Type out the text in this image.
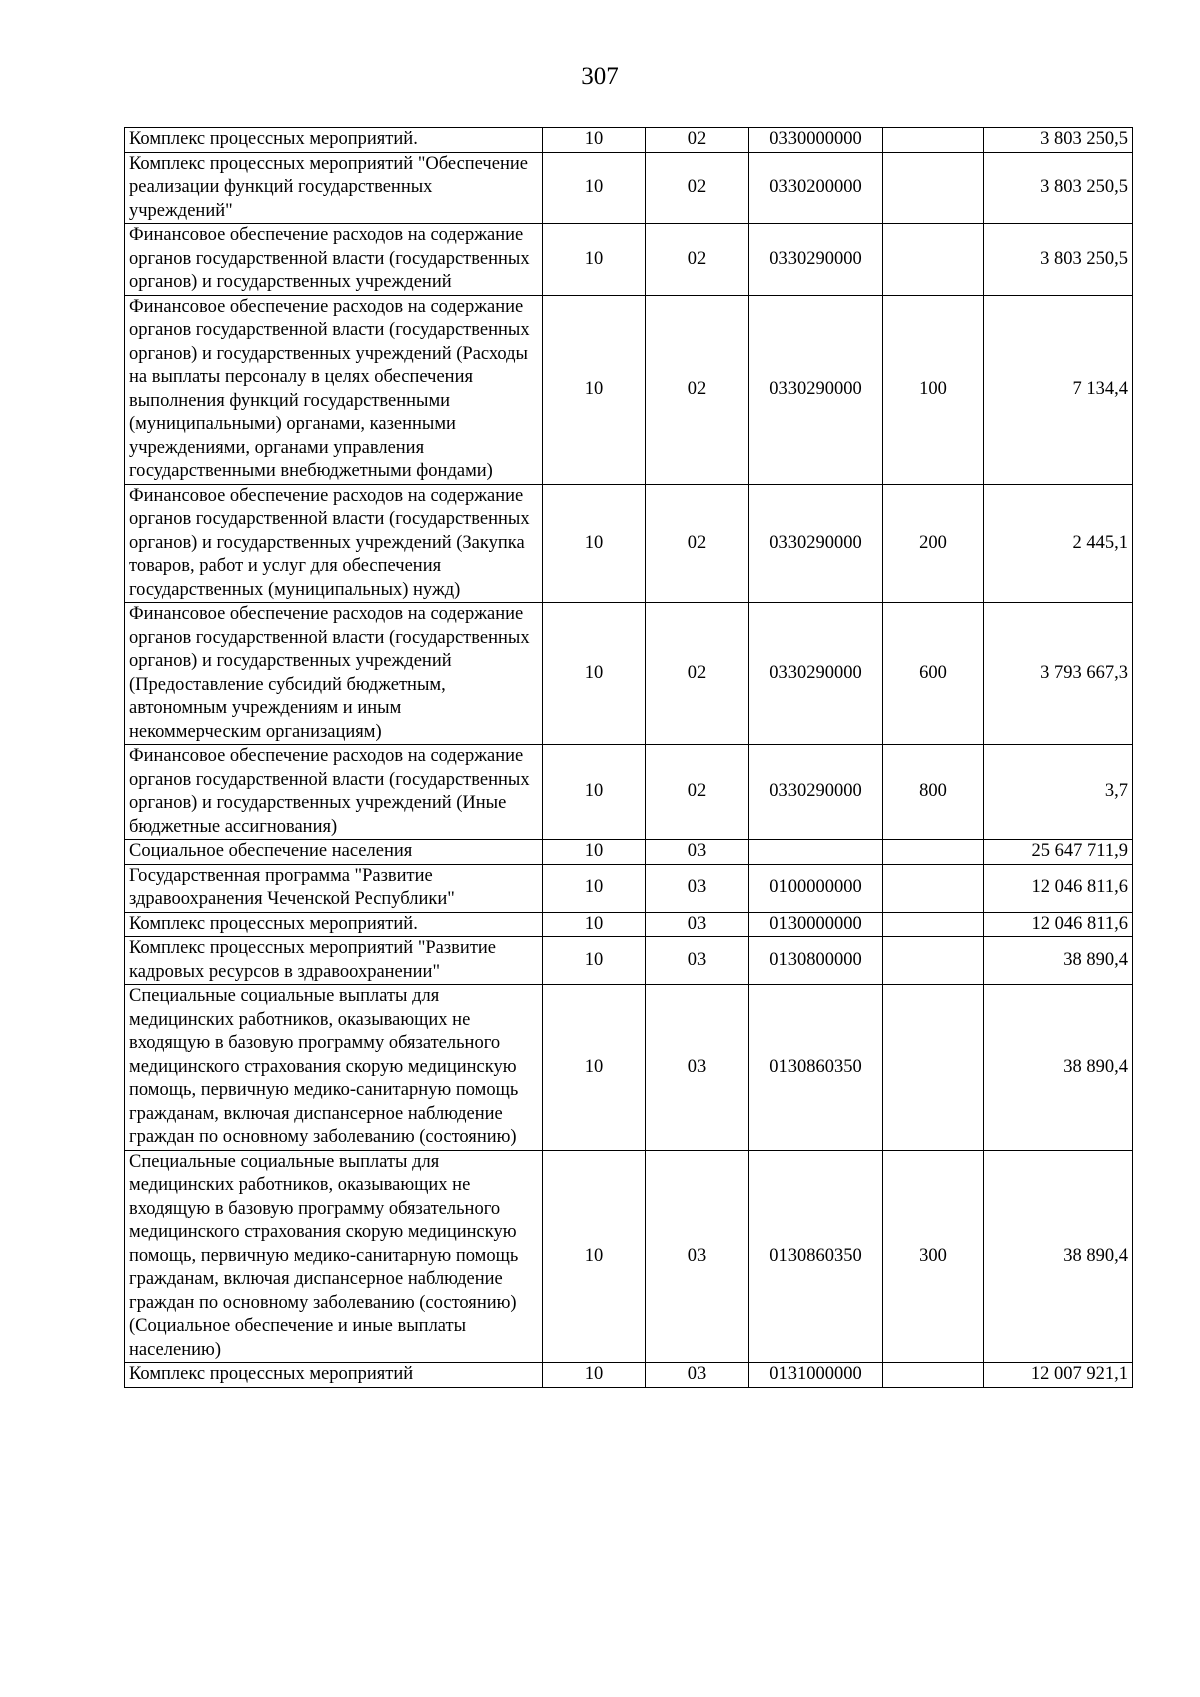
307
Комплекс процессных мероприятий.	10	02	0330000000		3 803 250,5
Комплекс процессных мероприятий "Обеспечение реализации функций государственных учреждений"	10	02	0330200000		3 803 250,5
Финансовое обеспечение расходов на содержание органов государственной власти (государственных органов) и государственных учреждений	10	02	0330290000		3 803 250,5
Финансовое обеспечение расходов на содержание органов государственной власти (государственных органов) и государственных учреждений (Расходы на выплаты персоналу в целях обеспечения выполнения функций государственными (муниципальными) органами, казенными учреждениями, органами управления государственными внебюджетными фондами)	10	02	0330290000	100	7 134,4
Финансовое обеспечение расходов на содержание органов государственной власти (государственных органов) и государственных учреждений (Закупка товаров, работ и услуг для обеспечения государственных (муниципальных) нужд)	10	02	0330290000	200	2 445,1
Финансовое обеспечение расходов на содержание органов государственной власти (государственных органов) и государственных учреждений (Предоставление субсидий бюджетным, автономным учреждениям и иным некоммерческим организациям)	10	02	0330290000	600	3 793 667,3
Финансовое обеспечение расходов на содержание органов государственной власти (государственных органов) и государственных учреждений (Иные бюджетные ассигнования)	10	02	0330290000	800	3,7
Социальное обеспечение населения	10	03			25 647 711,9
Государственная программа "Развитие здравоохранения Чеченской Республики"	10	03	0100000000		12 046 811,6
Комплекс процессных мероприятий.	10	03	0130000000		12 046 811,6
Комплекс процессных мероприятий "Развитие кадровых ресурсов в здравоохранении"	10	03	0130800000		38 890,4
Специальные социальные выплаты для медицинских работников, оказывающих не входящую в базовую программу обязательного медицинского страхования скорую медицинскую помощь, первичную медико-санитарную помощь гражданам, включая диспансерное наблюдение граждан по основному заболеванию (состоянию)	10	03	0130860350		38 890,4
Специальные социальные выплаты для медицинских работников, оказывающих не входящую в базовую программу обязательного медицинского страхования скорую медицинскую помощь, первичную медико-санитарную помощь гражданам, включая диспансерное наблюдение граждан по основному заболеванию (состоянию) (Социальное обеспечение и иные выплаты населению)	10	03	0130860350	300	38 890,4
Комплекс процессных мероприятий	10	03	0131000000		12 007 921,1
